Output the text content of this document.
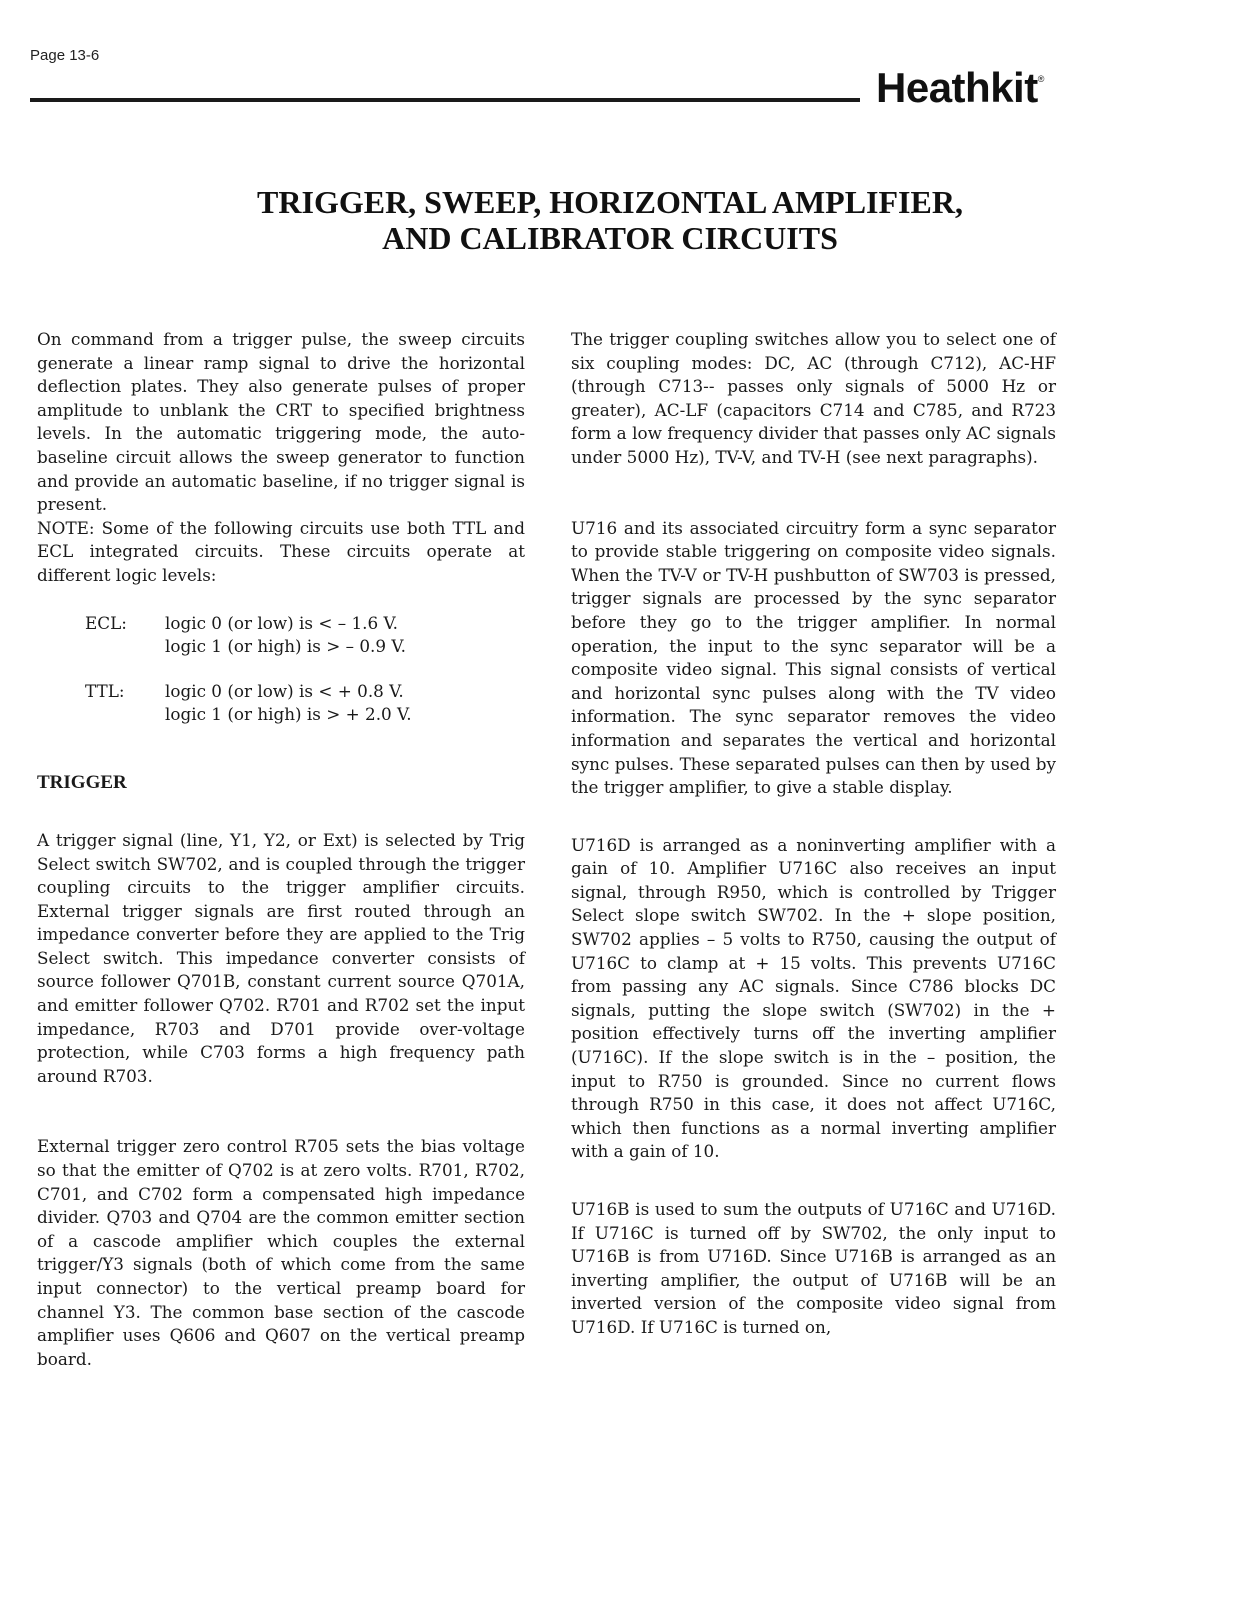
Page 13-6
Heathkit®
TRIGGER, SWEEP, HORIZONTAL AMPLIFIER,
AND CALIBRATOR CIRCUITS

On command from a trigger pulse, the sweep circuits generate a linear ramp signal to drive the horizontal deflection plates. They also generate pulses of proper amplitude to unblank the CRT to specified brightness levels. In the automatic triggering mode, the auto-baseline circuit allows the sweep generator to function and provide an automatic baseline, if no trigger signal is present.

NOTE: Some of the following circuits use both TTL and ECL integrated circuits. These circuits operate at different logic levels:

ECL:	logic 0 (or low) is < – 1.6 V.
logic 1 (or high) is > – 0.9 V.
TTL:	logic 0 (or low) is < + 0.8 V.
logic 1 (or high) is > + 2.0 V.
TRIGGER

A trigger signal (line, Y1, Y2, or Ext) is selected by Trig Select switch SW702, and is coupled through the trigger coupling circuits to the trigger amplifier circuits. External trigger signals are first routed through an impedance converter before they are applied to the Trig Select switch. This impedance converter consists of source follower Q701B, constant current source Q701A, and emitter follower Q702. R701 and R702 set the input impedance, R703 and D701 provide over-voltage protection, while C703 forms a high frequency path around R703.

External trigger zero control R705 sets the bias voltage so that the emitter of Q702 is at zero volts. R701, R702, C701, and C702 form a compensated high impedance divider. Q703 and Q704 are the common emitter section of a cascode amplifier which couples the external trigger/Y3 signals (both of which come from the same input connector) to the vertical preamp board for channel Y3. The common base section of the cascode amplifier uses Q606 and Q607 on the vertical preamp board.

The trigger coupling switches allow you to select one of six coupling modes: DC, AC (through C712), AC-HF (through C713-- passes only signals of 5000 Hz or greater), AC-LF (capacitors C714 and C785, and R723 form a low frequency divider that passes only AC signals under 5000 Hz), TV-V, and TV-H (see next paragraphs).

U716 and its associated circuitry form a sync separator to provide stable triggering on composite video signals. When the TV-V or TV-H pushbutton of SW703 is pressed, trigger signals are processed by the sync separator before they go to the trigger amplifier. In normal operation, the input to the sync separator will be a composite video signal. This signal consists of vertical and horizontal sync pulses along with the TV video information. The sync separator removes the video information and separates the vertical and horizontal sync pulses. These separated pulses can then by used by the trigger amplifier, to give a stable display.

U716D is arranged as a noninverting amplifier with a gain of 10. Amplifier U716C also receives an input signal, through R950, which is controlled by Trigger Select slope switch SW702. In the + slope position, SW702 applies – 5 volts to R750, causing the output of U716C to clamp at + 15 volts. This prevents U716C from passing any AC signals. Since C786 blocks DC signals, putting the slope switch (SW702) in the + position effectively turns off the inverting amplifier (U716C). If the slope switch is in the – position, the input to R750 is grounded. Since no current flows through R750 in this case, it does not affect U716C, which then functions as a normal inverting amplifier with a gain of 10.

U716B is used to sum the outputs of U716C and U716D. If U716C is turned off by SW702, the only input to U716B is from U716D. Since U716B is arranged as an inverting amplifier, the output of U716B will be an inverted version of the composite video signal from U716D. If U716C is turned on,
